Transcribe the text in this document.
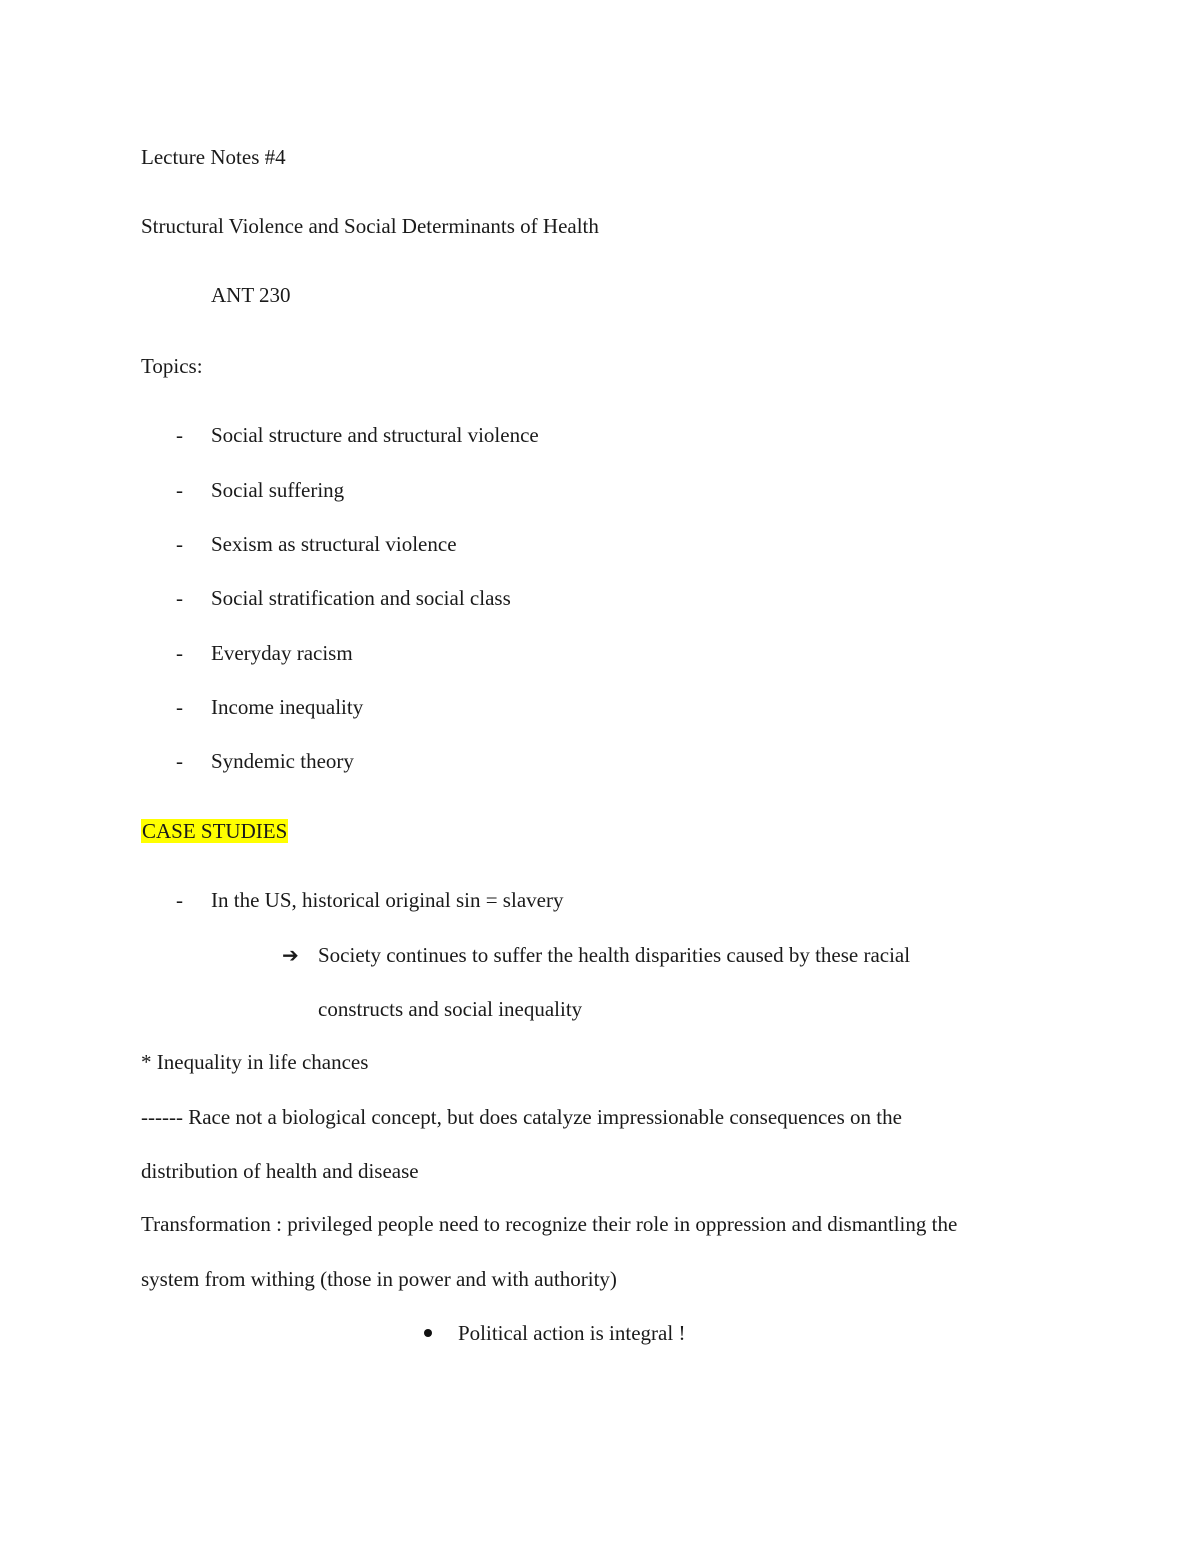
Lecture Notes #4
Structural Violence and Social Determinants of Health
ANT 230
Topics:
- Social structure and structural violence
- Social suffering
- Sexism as structural violence
- Social stratification and social class
- Everyday racism
- Income inequality
- Syndemic theory
CASE STUDIES
- In the US, historical original sin = slavery
➔ Society continues to suffer the health disparities caused by these racial
constructs and social inequality
* Inequality in life chances
------ Race not a biological concept, but does catalyze impressionable consequences on the
distribution of health and disease
Transformation : privileged people need to recognize their role in oppression and dismantling the
system from withing (those in power and with authority)
Political action is integral !
